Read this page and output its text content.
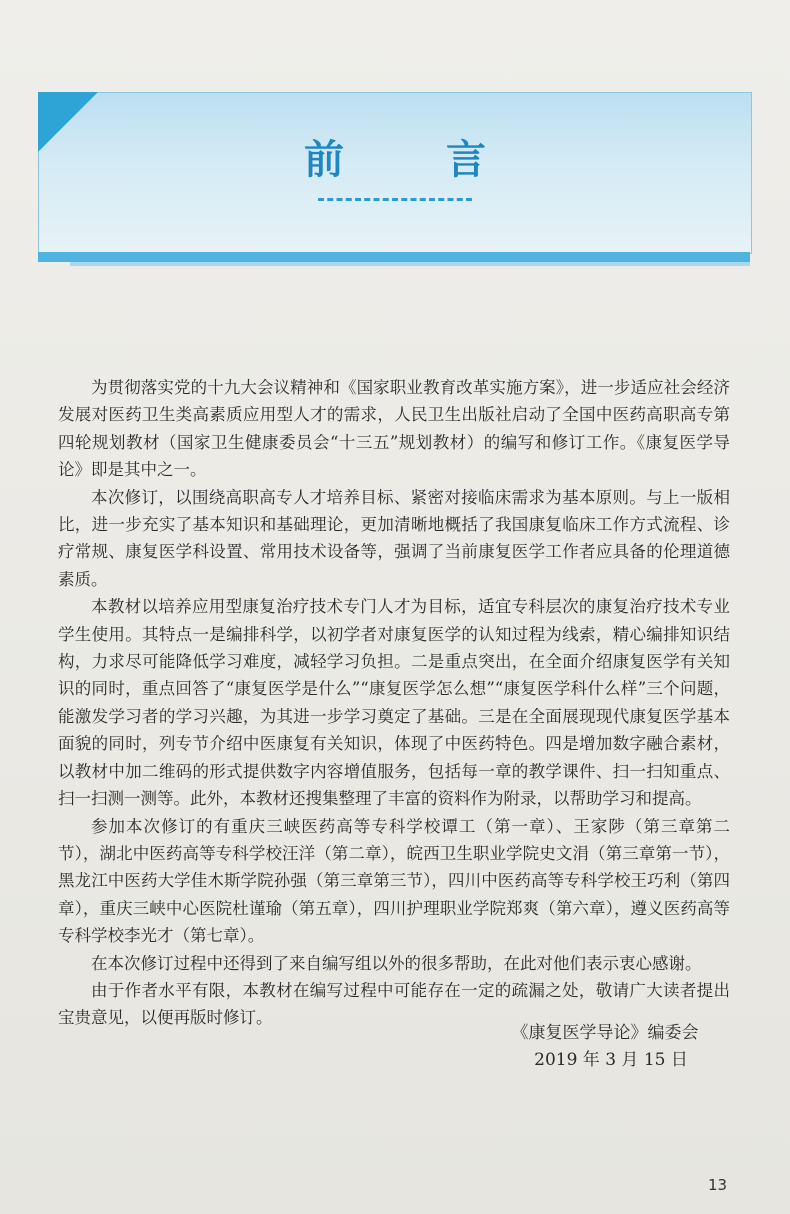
前 言

为贯彻落实党的十九大会议精神和《国家职业教育改革实施方案》，进一步适应社会经济发展对医药卫生类高素质应用型人才的需求，人民卫生出版社启动了全国中医药高职高专第四轮规划教材（国家卫生健康委员会“十三五”规划教材）的编写和修订工作。《康复医学导论》即是其中之一。

本次修订，以围绕高职高专人才培养目标、紧密对接临床需求为基本原则。与上一版相比，进一步充实了基本知识和基础理论，更加清晰地概括了我国康复临床工作方式流程、诊疗常规、康复医学科设置、常用技术设备等，强调了当前康复医学工作者应具备的伦理道德素质。

本教材以培养应用型康复治疗技术专门人才为目标，适宜专科层次的康复治疗技术专业学生使用。其特点一是编排科学，以初学者对康复医学的认知过程为线索，精心编排知识结构，力求尽可能降低学习难度，减轻学习负担。二是重点突出，在全面介绍康复医学有关知识的同时，重点回答了“康复医学是什么”“康复医学怎么想”“康复医学科什么样”三个问题，能激发学习者的学习兴趣，为其进一步学习奠定了基础。三是在全面展现现代康复医学基本面貌的同时，列专节介绍中医康复有关知识，体现了中医药特色。四是增加数字融合素材，以教材中加二维码的形式提供数字内容增值服务，包括每一章的教学课件、扫一扫知重点、扫一扫测一测等。此外，本教材还搜集整理了丰富的资料作为附录，以帮助学习和提高。

参加本次修订的有重庆三峡医药高等专科学校谭工（第一章）、王家陟（第三章第二节），湖北中医药高等专科学校汪洋（第二章），皖西卫生职业学院史文涓（第三章第一节），黑龙江中医药大学佳木斯学院孙强（第三章第三节），四川中医药高等专科学校王巧利（第四章），重庆三峡中心医院杜谨瑜（第五章），四川护理职业学院郑爽（第六章），遵义医药高等专科学校李光才（第七章）。

在本次修订过程中还得到了来自编写组以外的很多帮助，在此对他们表示衷心感谢。

由于作者水平有限，本教材在编写过程中可能存在一定的疏漏之处，敬请广大读者提出宝贵意见，以便再版时修订。

《康复医学导论》编委会
2019 年 3 月 15 日
13
